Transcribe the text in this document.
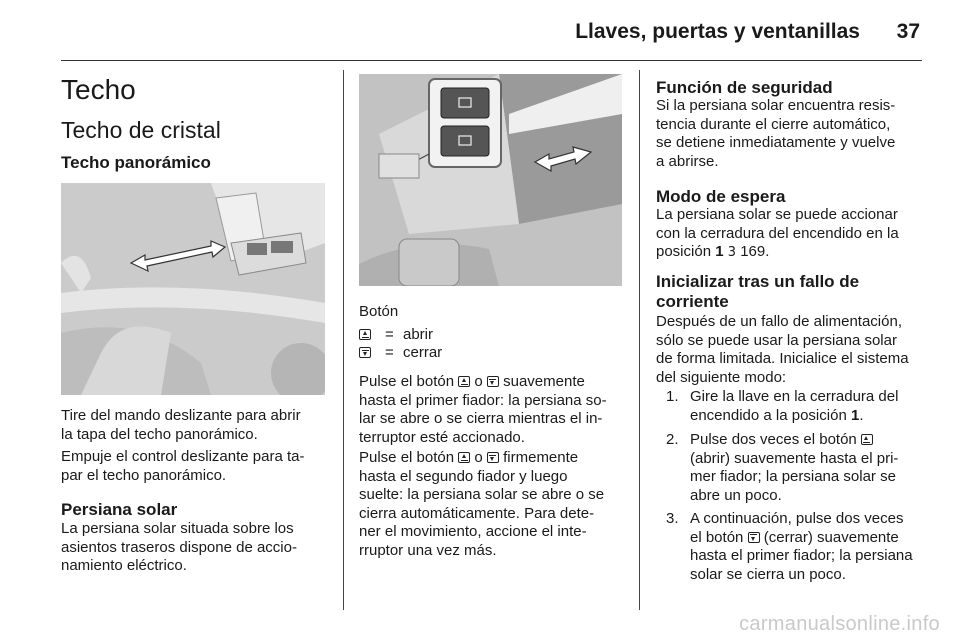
Llaves, puertas y ventanillas 37
Techo
Techo de cristal
Techo panorámico

Tire del mando deslizante para abrir
la tapa del techo panorámico.

Empuje el control deslizante para ta-
par el techo panorámico.

Persiana solar

La persiana solar situada sobre los
asientos traseros dispone de accio-
namiento eléctrico.

Botón
= abrir
= cerrar

Pulse el botón o suavemente
hasta el primer fiador: la persiana so-
lar se abre o se cierra mientras el in-
terruptor esté accionado.

Pulse el botón o firmemente
hasta el segundo fiador y luego
suelte: la persiana solar se abre o se
cierra automáticamente. Para dete-
ner el movimiento, accione el inte-
rruptor una vez más.

Función de seguridad

Si la persiana solar encuentra resis-
tencia durante el cierre automático,
se detiene inmediatamente y vuelve
a abrirse.

Modo de espera

La persiana solar se puede accionar
con la cerradura del encendido en la
posición 1 3 169.

Inicializar tras un fallo de
corriente

Después de un fallo de alimentación,
sólo se puede usar la persiana solar
de forma limitada. Inicialice el sistema
del siguiente modo:

1. Gire la llave en la cerradura del
encendido a la posición 1.
2. Pulse dos veces el botón
(abrir) suavemente hasta el pri-
mer fiador; la persiana solar se
abre un poco.
3. A continuación, pulse dos veces
el botón (cerrar) suavemente
hasta el primer fiador; la persiana
solar se cierra un poco.
carmanualsonline.info
